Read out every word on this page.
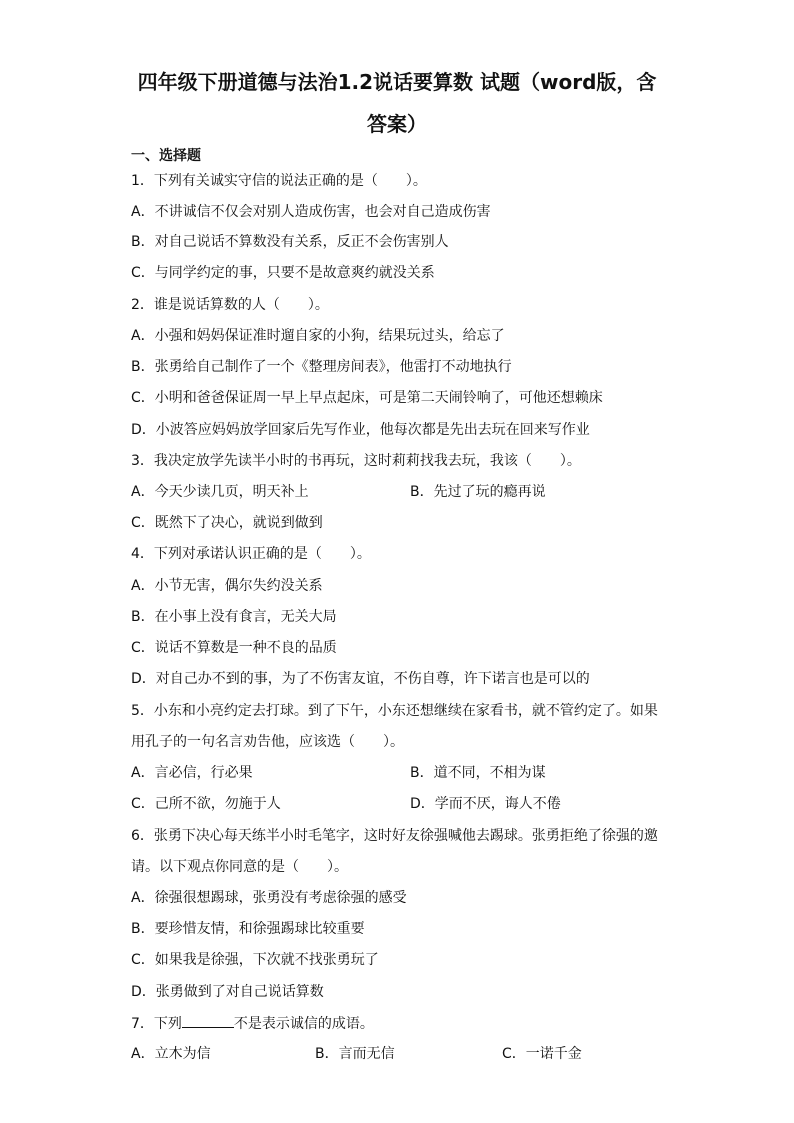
四年级下册道德与法治1.2说话要算数 试题（word版，含
答案）
一、选择题
1．下列有关诚实守信的说法正确的是（　　）。
A．不讲诚信不仅会对别人造成伤害，也会对自己造成伤害
B．对自己说话不算数没有关系，反正不会伤害别人
C．与同学约定的事，只要不是故意爽约就没关系
2．谁是说话算数的人（　　）。
A．小强和妈妈保证准时遛自家的小狗，结果玩过头，给忘了
B．张勇给自己制作了一个《整理房间表》，他雷打不动地执行
C．小明和爸爸保证周一早上早点起床，可是第二天闹铃响了，可他还想赖床
D．小波答应妈妈放学回家后先写作业，他每次都是先出去玩在回来写作业
3．我决定放学先读半小时的书再玩，这时莉莉找我去玩，我该（　　）。
A．今天少读几页，明天补上	B．先过了玩的瘾再说
C．既然下了决心，就说到做到
4．下列对承诺认识正确的是（　　）。
A．小节无害，偶尔失约没关系
B．在小事上没有食言，无关大局
C．说话不算数是一种不良的品质
D．对自己办不到的事，为了不伤害友谊，不伤自尊，许下诺言也是可以的
5．小东和小亮约定去打球。到了下午，小东还想继续在家看书，就不管约定了。如果
用孔子的一句名言劝告他，应该选（　　）。
A．言必信，行必果	B．道不同，不相为谋
C．己所不欲，勿施于人	D．学而不厌，诲人不倦
6．张勇下决心每天练半小时毛笔字，这时好友徐强喊他去踢球。张勇拒绝了徐强的邀
请。以下观点你同意的是（　　）。
A．徐强很想踢球，张勇没有考虑徐强的感受
B．要珍惜友情，和徐强踢球比较重要
C．如果我是徐强，下次就不找张勇玩了
D．张勇做到了对自己说话算数
7．下列	不是表示诚信的成语。
A．立木为信	B．言而无信	C．一诺千金
